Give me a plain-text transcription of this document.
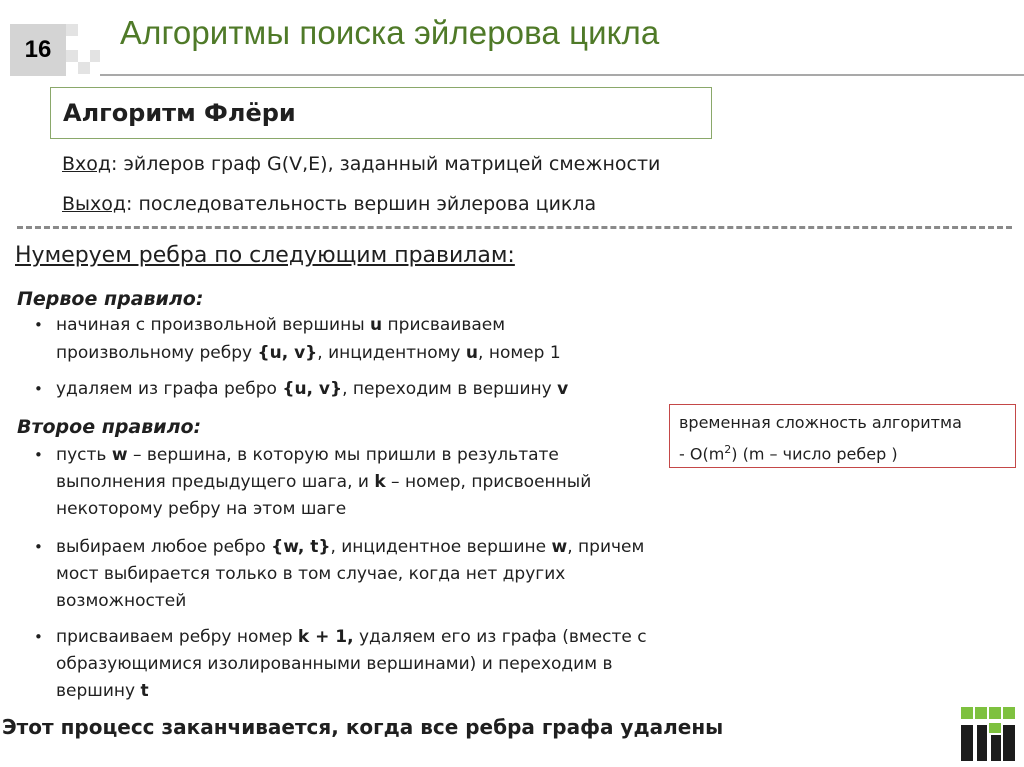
16	Алгоритмы поиска эйлерова цикла
Алгоритм Флёри
Вход: эйлеров граф G(V,E), заданный матрицей смежности
Выход: последовательность вершин эйлерова цикла
Нумеруем ребра по следующим правилам:
Первое правило:
• начиная с произвольной вершины u присваиваем
произвольному ребру {u, v}, инцидентному u, номер 1
• удаляем из графа ребро {u, v}, переходим в вершину v
Второе правило:
• пусть w – вершина, в которую мы пришли в результате
выполнения предыдущего шага, и k – номер, присвоенный
некоторому ребру на этом шаге
• выбираем любое ребро {w, t}, инцидентное вершине w, причем
мост выбирается только в том случае, когда нет других
возможностей
• присваиваем ребру номер k + 1, удаляем его из графа (вместе с
образующимися изолированными вершинами) и переходим в
вершину t
временная сложность алгоритма
- $O(m^2)$ (m – число ребер )
Этот процесс заканчивается, когда все ребра графа удалены
